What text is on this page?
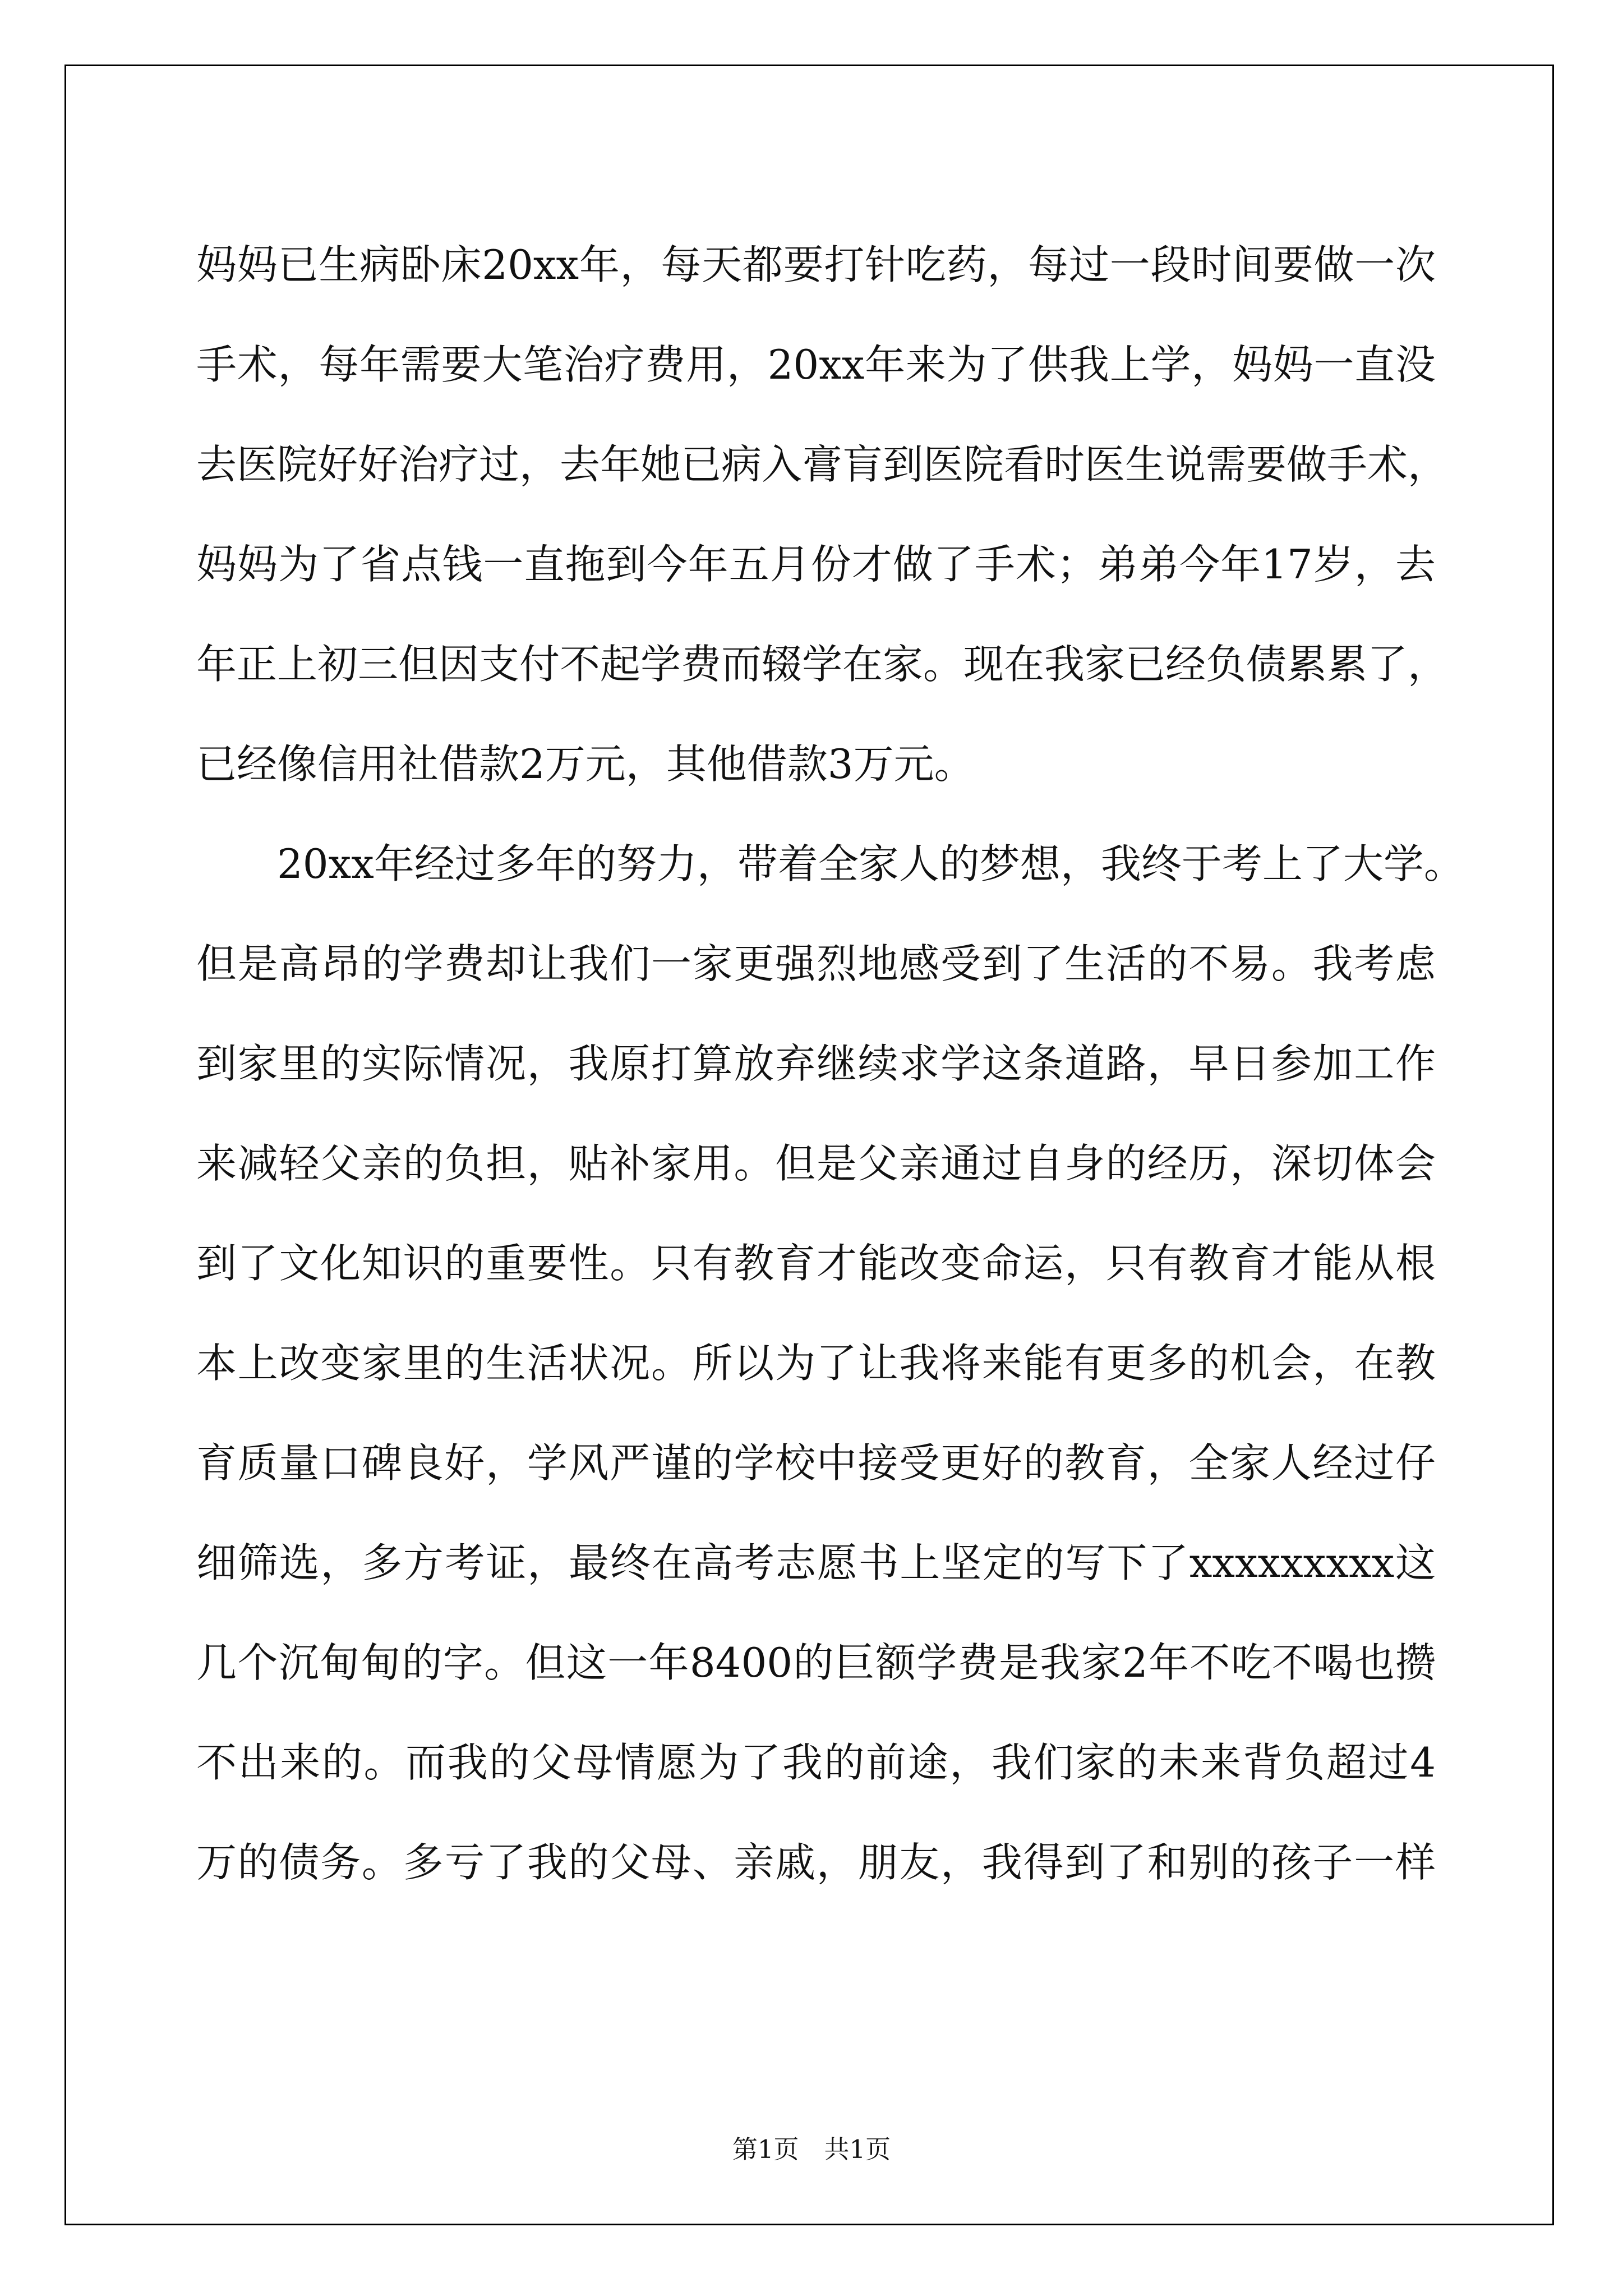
妈妈已生病卧床20xx年，每天都要打针吃药，每过一段时间要做一次
手术，每年需要大笔治疗费用，20xx年来为了供我上学，妈妈一直没
去医院好好治疗过，去年她已病入膏肓到医院看时医生说需要做手术，
妈妈为了省点钱一直拖到今年五月份才做了手术；弟弟今年17岁，去
年正上初三但因支付不起学费而辍学在家。现在我家已经负债累累了，
已经像信用社借款2万元，其他借款3万元。
20xx年经过多年的努力，带着全家人的梦想，我终于考上了大学。
但是高昂的学费却让我们一家更强烈地感受到了生活的不易。我考虑
到家里的实际情况，我原打算放弃继续求学这条道路，早日参加工作
来减轻父亲的负担，贴补家用。但是父亲通过自身的经历，深切体会
到了文化知识的重要性。只有教育才能改变命运，只有教育才能从根
本上改变家里的生活状况。所以为了让我将来能有更多的机会，在教
育质量口碑良好，学风严谨的学校中接受更好的教育，全家人经过仔
细筛选，多方考证，最终在高考志愿书上坚定的写下了xxxxxxxxx这
几个沉甸甸的字。但这一年8400的巨额学费是我家2年不吃不喝也攒
不出来的。而我的父母情愿为了我的前途，我们家的未来背负超过4
万的债务。多亏了我的父母、亲戚，朋友，我得到了和别的孩子一样
第1页　共1页
